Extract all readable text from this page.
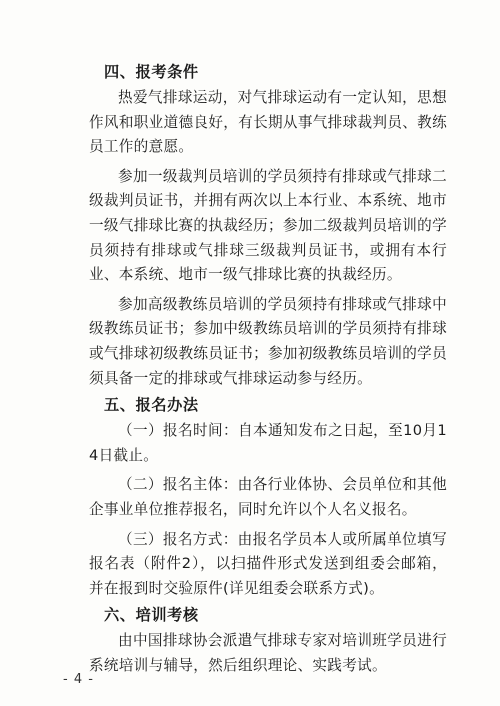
四、报考条件

热爱气排球运动，对气排球运动有一定认知，思想作风和职业道德良好，有长期从事气排球裁判员、教练员工作的意愿。

参加一级裁判员培训的学员须持有排球或气排球二级裁判员证书，并拥有两次以上本行业、本系统、地市一级气排球比赛的执裁经历；参加二级裁判员培训的学员须持有排球或气排球三级裁判员证书，或拥有本行业、本系统、地市一级气排球比赛的执裁经历。

参加高级教练员培训的学员须持有排球或气排球中级教练员证书；参加中级教练员培训的学员须持有排球或气排球初级教练员证书；参加初级教练员培训的学员须具备一定的排球或气排球运动参与经历。

五、报名办法

（一）报名时间：自本通知发布之日起，至10月14日截止。

（二）报名主体：由各行业体协、会员单位和其他企事业单位推荐报名，同时允许以个人名义报名。

（三）报名方式：由报名学员本人或所属单位填写报名表（附件2），以扫描件形式发送到组委会邮箱，并在报到时交验原件(详见组委会联系方式)。

六、培训考核

由中国排球协会派遣气排球专家对培训班学员进行系统培训与辅导，然后组织理论、实践考试。

- 4 -
